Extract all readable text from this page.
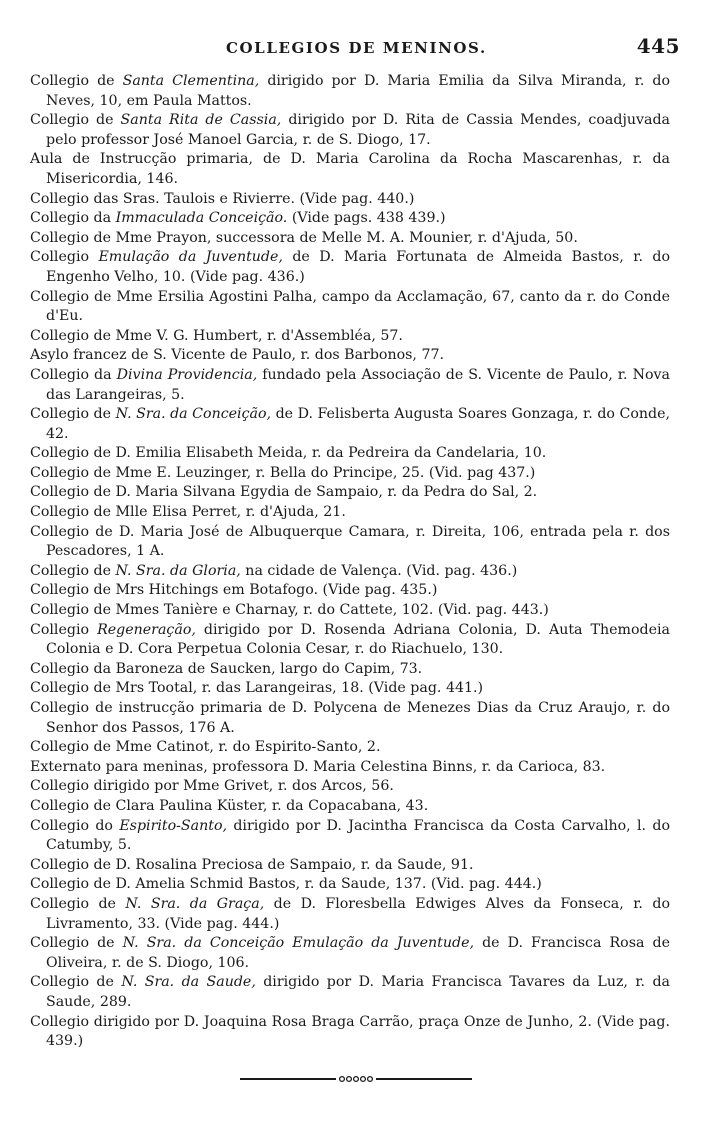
COLLEGIOS DE MENINOS.	445
Collegio de Santa Clementina, dirigido por D. Maria Emilia da Silva Miranda, r. do Neves, 10, em Paula Mattos.
Collegio de Santa Rita de Cassia, dirigido por D. Rita de Cassia Mendes, coadjuvada pelo professor José Manoel Garcia, r. de S. Diogo, 17.
Aula de Instrucção primaria, de D. Maria Carolina da Rocha Mascarenhas, r. da Misericordia, 146.
Collegio das Sras. Taulois e Rivierre. (Vide pag. 440.)
Collegio da Immaculada Conceição. (Vide pags. 438 439.)
Collegio de Mme Prayon, successora de Melle M. A. Mounier, r. d'Ajuda, 50.
Collegio Emulação da Juventude, de D. Maria Fortunata de Almeida Bastos, r. do Engenho Velho, 10. (Vide pag. 436.)
Collegio de Mme Ersilia Agostini Palha, campo da Acclamação, 67, canto da r. do Conde d'Eu.
Collegio de Mme V. G. Humbert, r. d'Assembléa, 57.
Asylo francez de S. Vicente de Paulo, r. dos Barbonos, 77.
Collegio da Divina Providencia, fundado pela Associação de S. Vicente de Paulo, r. Nova das Larangeiras, 5.
Collegio de N. Sra. da Conceição, de D. Felisberta Augusta Soares Gonzaga, r. do Conde, 42.
Collegio de D. Emilia Elisabeth Meida, r. da Pedreira da Candelaria, 10.
Collegio de Mme E. Leuzinger, r. Bella do Principe, 25. (Vid. pag 437.)
Collegio de D. Maria Silvana Egydia de Sampaio, r. da Pedra do Sal, 2.
Collegio de Mlle Elisa Perret, r. d'Ajuda, 21.
Collegio de D. Maria José de Albuquerque Camara, r. Direita, 106, entrada pela r. dos Pescadores, 1 A.
Collegio de N. Sra. da Gloria, na cidade de Valença. (Vid. pag. 436.)
Collegio de Mrs Hitchings em Botafogo. (Vide pag. 435.)
Collegio de Mmes Tanière e Charnay, r. do Cattete, 102. (Vid. pag. 443.)
Collegio Regeneração, dirigido por D. Rosenda Adriana Colonia, D. Auta Themodeia Colonia e D. Cora Perpetua Colonia Cesar, r. do Riachuelo, 130.
Collegio da Baroneza de Saucken, largo do Capim, 73.
Collegio de Mrs Tootal, r. das Larangeiras, 18. (Vide pag. 441.)
Collegio de instrucção primaria de D. Polycena de Menezes Dias da Cruz Araujo, r. do Senhor dos Passos, 176 A.
Collegio de Mme Catinot, r. do Espirito-Santo, 2.
Externato para meninas, professora D. Maria Celestina Binns, r. da Carioca, 83.
Collegio dirigido por Mme Grivet, r. dos Arcos, 56.
Collegio de Clara Paulina Küster, r. da Copacabana, 43.
Collegio do Espirito-Santo, dirigido por D. Jacintha Francisca da Costa Carvalho, l. do Catumby, 5.
Collegio de D. Rosalina Preciosa de Sampaio, r. da Saude, 91.
Collegio de D. Amelia Schmid Bastos, r. da Saude, 137. (Vid. pag. 444.)
Collegio de N. Sra. da Graça, de D. Floresbella Edwiges Alves da Fonseca, r. do Livramento, 33. (Vide pag. 444.)
Collegio de N. Sra. da Conceição Emulação da Juventude, de D. Francisca Rosa de Oliveira, r. de S. Diogo, 106.
Collegio de N. Sra. da Saude, dirigido por D. Maria Francisca Tavares da Luz, r. da Saude, 289.
Collegio dirigido por D. Joaquina Rosa Braga Carrão, praça Onze de Junho, 2. (Vide pag. 439.)
